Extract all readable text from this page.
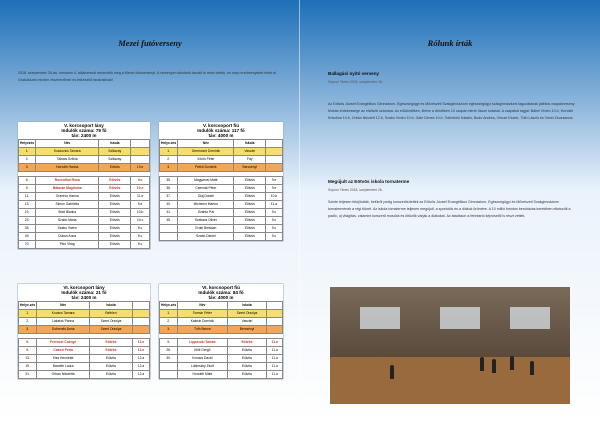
Mezei futóverseny
2018. szeptember 26-án, immáron 4. alkalommal rendezték meg a Mezei futóversenyt. A versenyen iskolánk tanulói is részt vettek, és szép eredményeket értek el. Gratulálunk minden résztvevőnek és felkészítő tanáraiknak!
V. korcsoport lány
Indulók száma: 79 fő
táv: 2400 m
Helyezés	Név	Iskola	
1.	Koskovics Tamara	Szikszay	
2.	Takács Szilvia	Szikszay	
3.	Horváth Hanna	Eötvös	13.e

8.	Rosenthal Rosa	Eötvös	9.e
9.	Bátorán Magdolna	Eötvös	10.e
11.	Oravecz Hanna	Eötvös	11.e
13.	Simon Gabriella	Eötvös	9.e
19.	Bódi Bianka	Eötvös	10.b
23.	Szabó Mária	Eötvös	10.c
35.	Szabó Vivien	Eötvös	9.c
49.	Dubus Anna	Eötvös	9.c
70.	Pikó Virág	Eötvös	9.c
V. korcsoport fiú
Indulók száma: 117 fő
táv: 4000 m
Helye-zés	Név	Iskola	
1.	Gerencsér Dominik	Vasvári	
2.	Vörös Péter	Fáy	
3.	Pethő Dominik	Bercsényi	

35.	Magyarosi Máté	Eötvös	9.e
36.	Csernák Péter	Eötvös	9.e
37.	Oláj Dániel	Eötvös	10.b
40.	Michinen Márton	Eötvös	11.a
41.	Szántó Pál	Eötvös	9.c
45.	Szekács Olivér	Eötvös	9.c
	Erdei Bertalan	Eötvös	9.c
	Szabó Dániel	Eötvös	9.c
VI. korcsoport lány
Indulók száma: 21 fő
táv: 2400 m
Helye-zés	Név	Iskola	
1.	Kovács Tamara	Bethlen	
2.	Lakatos Panna	Szent Orsolya	
3.	Dobrenits Anna	Szent Orsolya	

8.	Ferenczi Csenge	Eötvös	12.e
9.	Császi Petra	Eötvös	12.e
13.	Kiss Henrietta	Eötvös	12.a
19.	Barváth Laura	Eötvös	12.a
21.	Orbán Nikoletta	Eötvös	12.a
VI. korcsoport fiú
Indulók száma: 84 fő
táv: 4000 m
Helye-zés	Név	Iskola	
1.	Tomsin Péter	Szent Orsolya	
2.	Kalmár Dominik	Vasvári	
3.	Tóth Bence	Bercsényi	

9.	Lippóczki Tamás	Eötvös	11.a
26.	Kiliti Gergő	Eötvös	11.a
30.	Kovács Dávid	Eötvös	11.a
	Lubinszky Zsolt	Eötvös	11.a
	Horváth Máté	Eötvös	11.a
Rólunk írták
Ballagási nyitó verseny
Sopron Times 2018. szeptember 16.
Az Eötvös József Evangélikus Gimnázium, Egészségügyi és Művészeti Szakgimnázium egészségügyi szakgimnáziumi tagozatának játékos csapatverseny Mókás érdekessége az elsősök számára. Az elődöntőben, illetve a döntőben 10 csapat mérte össze tudását. A csapatok tagjai: Bábel Vivien 10.b, Horváth Krisztina 10.b, Orbán Nikolett 12.b, Szabó Vivien 10.b, Gálé Dénes 10.b, Tollerbölö Katalin, Bodó Andrea, Vincze Eszter, Tóth László és Virnei Zsuzsanna.
Megújult az Eötvös iskola tornaterme
Sopron Times 2018. szeptember 26.
Szinte teljesen felújították, belülről pedig korszerűsítették az Eötvös József Evangélikus Gimnázium, Egészségügyi és Művészeti Szakgimnázium tornatermének a régi tükrét. Az iskola tornaterme teljesen megújult, a sportolók és a diákok örömére. A 10 millió forintos beruházás keretében elkészült a padló, új világítás, valamint korszerű mosdók és öltözők várják a diákokat. Az átadáson a fenntartó képviselői is részt vettek.
